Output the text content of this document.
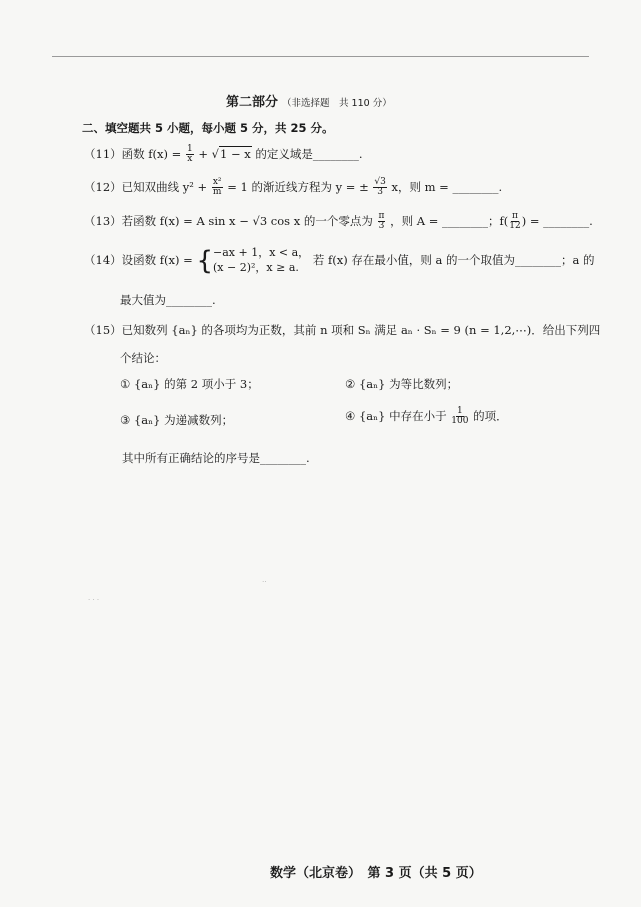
第二部分 （非选择题　共 110 分）
二、填空题共 5 小题，每小题 5 分，共 25 分。
（11）函数 $f(x) = \frac{1}{x} + √1 - x$ 的定义域是________.
（12）已知双曲线 $y^2 + \frac{\text{x²}}{m} = 1$ 的渐近线方程为 y = ± $\frac{√3}{3}$ x，则 m = ________.
（13）若函数 f(x) = A sin x − √3 cos x 的一个零点为 $\frac{\pi}{3}$ ，则 A = ________；$f( \frac{\pi}{12}$ ) = ________.
（14）设函数 f(x) = { −ax + 1，x < a，
(x − 2)²，x ≥ a.
若 f(x) 存在最小值，则 a 的一个取值为________；a 的
最大值为________.
（15）已知数列 {aₙ} 的各项均为正数，其前 n 项和 Sₙ 满足 aₙ · Sₙ = 9 (n = 1,2,⋯)．给出下列四
个结论：
① {aₙ} 的第 2 项小于 3；	② {aₙ} 为等比数列；
③ {aₙ} 为递减数列；	④ {aₙ} 中存在小于 $\frac{1}{100}$ 的项．
其中所有正确结论的序号是________.
· · ·
‥
数学（北京卷）　第 3 页（共 5 页）
